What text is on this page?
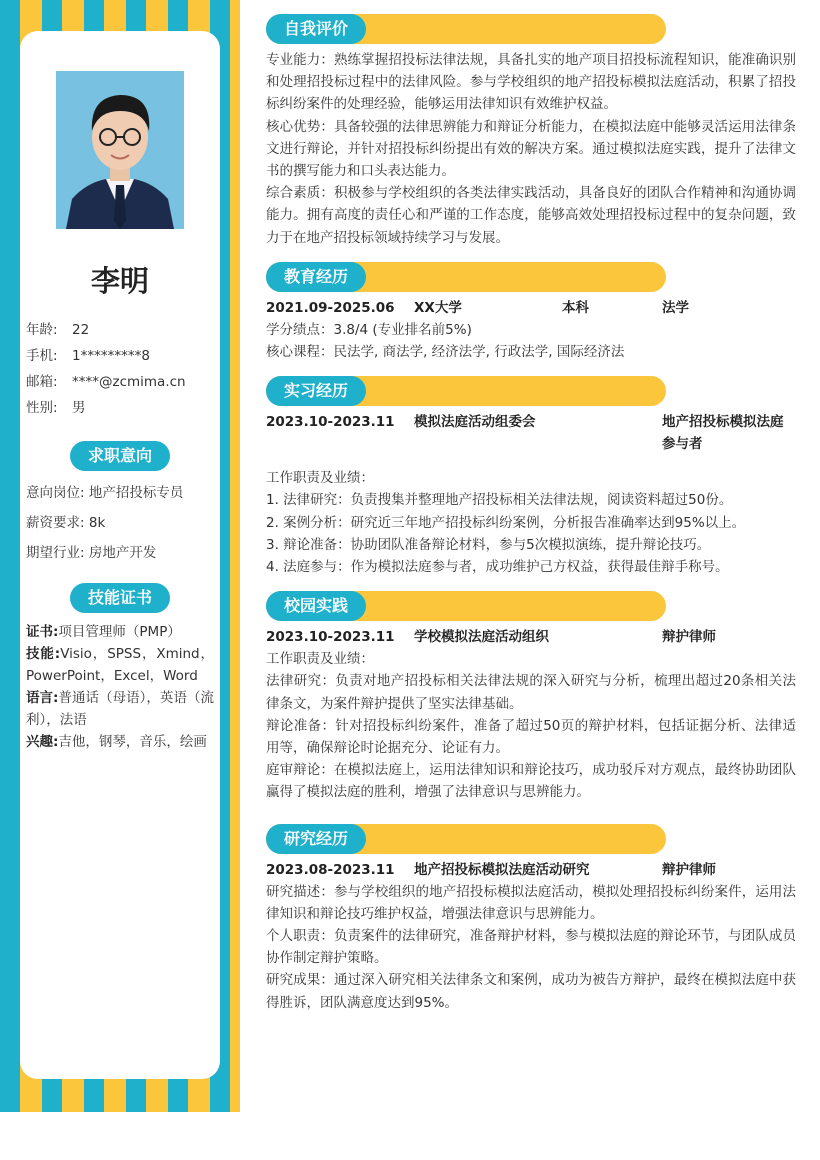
李明
年龄: 22
手机: 1*********8
邮箱: ****@zcmima.cn
性别: 男
求职意向
意向岗位: 地产招投标专员
薪资要求: 8k
期望行业: 房地产开发
技能证书

证书:项目管理师（PMP）

技能:Visio，SPSS，Xmind，PowerPoint，Excel，Word

语言:普通话（母语），英语（流利），法语

兴趣:吉他，钢琴，音乐，绘画

自我评价

专业能力：熟练掌握招投标法律法规，具备扎实的地产项目招投标流程知识，能准确识别和处理招投标过程中的法律风险。参与学校组织的地产招投标模拟法庭活动，积累了招投标纠纷案件的处理经验，能够运用法律知识有效维护权益。

核心优势：具备较强的法律思辨能力和辩证分析能力，在模拟法庭中能够灵活运用法律条文进行辩论，并针对招投标纠纷提出有效的解决方案。通过模拟法庭实践，提升了法律文书的撰写能力和口头表达能力。

综合素质：积极参与学校组织的各类法律实践活动，具备良好的团队合作精神和沟通协调能力。拥有高度的责任心和严谨的工作态度，能够高效处理招投标过程中的复杂问题，致力于在地产招投标领域持续学习与发展。

教育经历
2021.09-2025.06	XX大学	本科	法学

学分绩点：3.8/4 (专业排名前5%)

核心课程：民法学, 商法学, 经济法学, 行政法学, 国际经济法

实习经历
2023.10-2023.11	模拟法庭活动组委会	地产招投标模拟法庭参与者

工作职责及业绩：

1. 法律研究：负责搜集并整理地产招投标相关法律法规，阅读资料超过50份。

2. 案例分析：研究近三年地产招投标纠纷案例，分析报告准确率达到95%以上。

3. 辩论准备：协助团队准备辩论材料，参与5次模拟演练，提升辩论技巧。

4. 法庭参与：作为模拟法庭参与者，成功维护己方权益，获得最佳辩手称号。

校园实践
2023.10-2023.11	学校模拟法庭活动组织	辩护律师

工作职责及业绩：

法律研究：负责对地产招投标相关法律法规的深入研究与分析，梳理出超过20条相关法律条文，为案件辩护提供了坚实法律基础。

辩论准备：针对招投标纠纷案件，准备了超过50页的辩护材料，包括证据分析、法律适用等，确保辩论时论据充分、论证有力。

庭审辩论：在模拟法庭上，运用法律知识和辩论技巧，成功驳斥对方观点，最终协助团队赢得了模拟法庭的胜利，增强了法律意识与思辨能力。

研究经历
2023.08-2023.11	地产招投标模拟法庭活动研究	辩护律师

研究描述：参与学校组织的地产招投标模拟法庭活动，模拟处理招投标纠纷案件，运用法律知识和辩论技巧维护权益，增强法律意识与思辨能力。

个人职责：负责案件的法律研究，准备辩护材料，参与模拟法庭的辩论环节，与团队成员协作制定辩护策略。

研究成果：通过深入研究相关法律条文和案例，成功为被告方辩护，最终在模拟法庭中获得胜诉，团队满意度达到95%。
